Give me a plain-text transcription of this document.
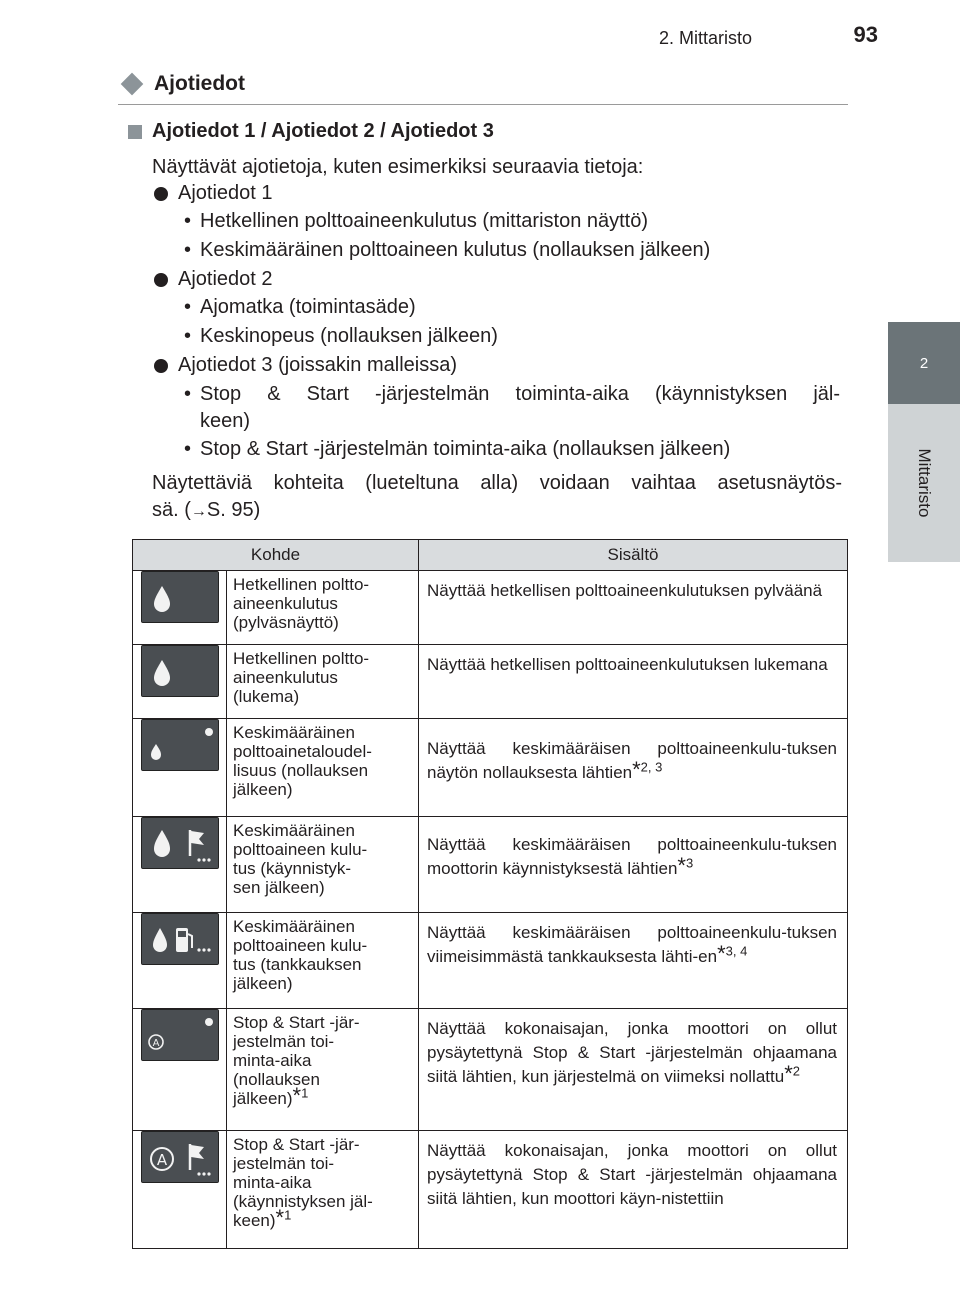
2. Mittaristo	93
2
Mittaristo
Ajotiedot
Ajotiedot 1 / Ajotiedot 2 / Ajotiedot 3
Näyttävät ajotietoja, kuten esimerkiksi seuraavia tietoja:
Ajotiedot 1
• Hetkellinen polttoaineenkulutus (mittariston näyttö)
• Keskimääräinen polttoaineen kulutus (nollauksen jälkeen)
Ajotiedot 2
• Ajomatka (toimintasäde)
• Keskinopeus (nollauksen jälkeen)
Ajotiedot 3 (joissakin malleissa)
• Stop & Start -järjestelmän toiminta-aika (käynnistyksen jäl-
keen)
• Stop & Start -järjestelmän toiminta-aika (nollauksen jälkeen)
Näytettäviä kohteita (lueteltuna alla) voidaan vaihtaa asetusnäytös-
sä. (→S. 95)
Kohde		Sisältö

	Hetkellinen poltto-
aineenkulutus
(pylväsnäyttö)	Näyttää hetkellisen polttoaineenkulutuksen pylväänä

	Hetkellinen poltto-
aineenkulutus
(lukema)	Näyttää hetkellisen polttoaineenkulutuksen lukemana

	Keskimääräinen
polttoainetaloudel-
lisuus (nollauksen
jälkeen)	Näyttää keskimääräisen polttoaineenkulu-tuksen näytön nollauksesta lähtien*$^{2, 3}$

	Keskimääräinen
polttoaineen kulu-
tus (käynnistyk-
sen jälkeen)	Näyttää keskimääräisen polttoaineenkulu-tuksen moottorin käynnistyksestä lähtien*$^3$

	Keskimääräinen
polttoaineen kulu-
tus (tankkauksen
jälkeen)	Näyttää keskimääräisen polttoaineenkulu-tuksen viimeisimmästä tankkauksesta lähti-en*$^{3, 4}$

A	Stop & Start -jär-
jestelmän toi-
minta-aika
(nollauksen
jälkeen)*$^1$	Näyttää kokonaisajan, jonka moottori on ollut pysäytettynä Stop & Start -järjestelmän ohjaamana siitä lähtien, kun järjestelmä on viimeksi nollattu*$^2$

A	Stop & Start -jär-
jestelmän toi-
minta-aika
(käynnistyksen jäl-
keen)*$^1$	Näyttää kokonaisajan, jonka moottori on ollut pysäytettynä Stop & Start -järjestelmän ohjaamana siitä lähtien, kun moottori käyn-nistettiin
